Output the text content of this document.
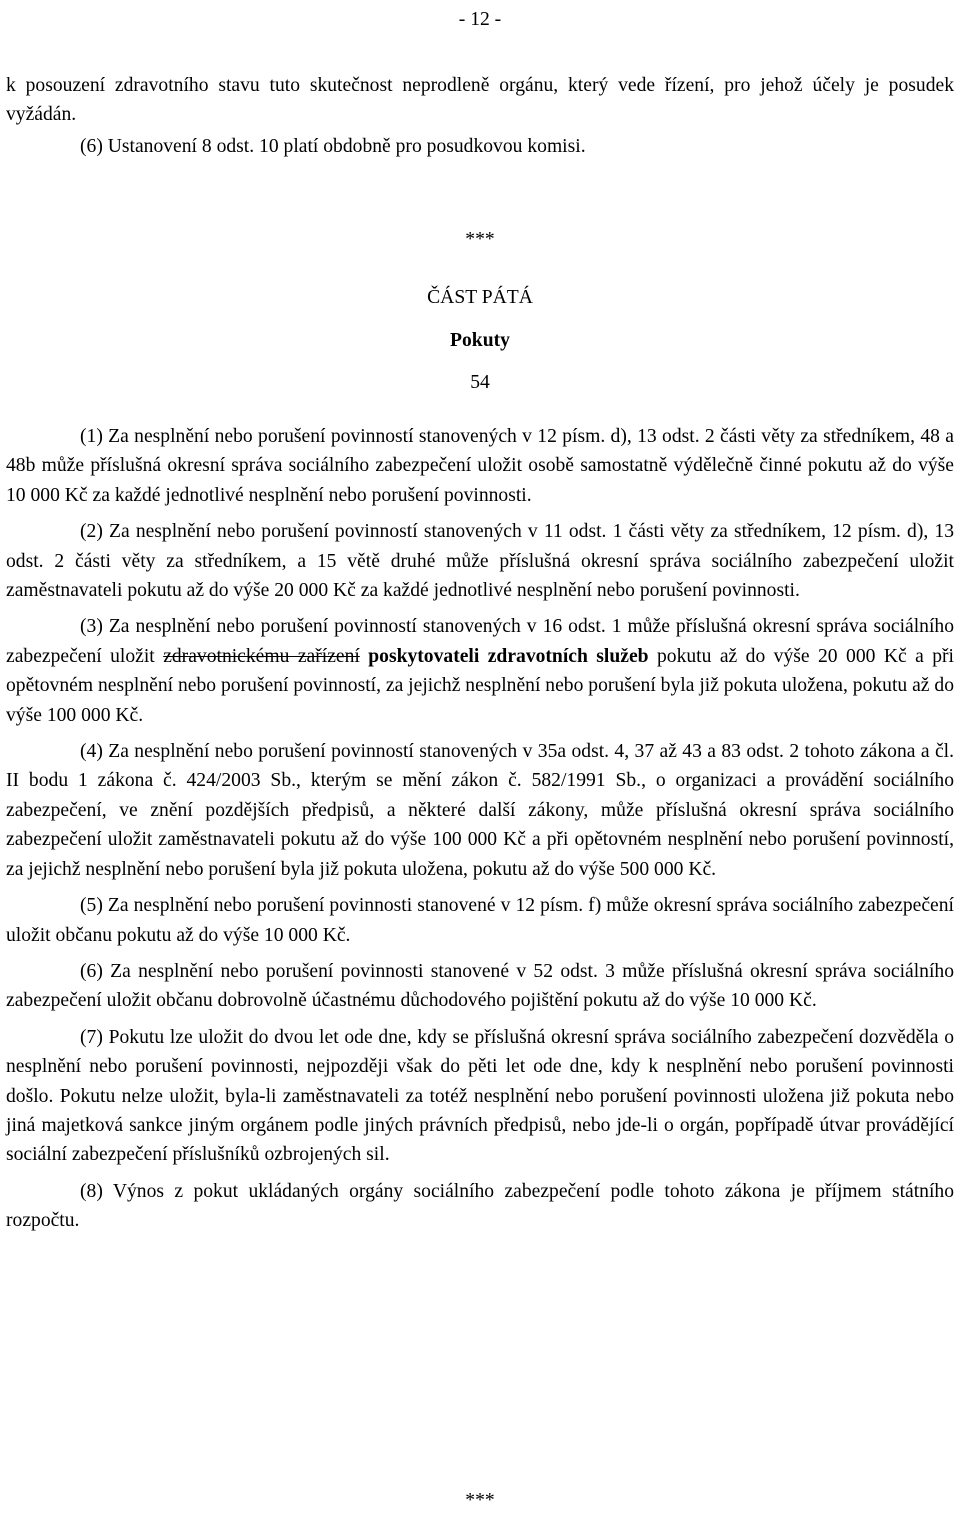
- 12 -

k posouzení zdravotního stavu tuto skutečnost neprodleně orgánu, který vede řízení, pro jehož účely je posudek vyžádán.

(6) Ustanovení 8 odst. 10 platí obdobně pro posudkovou komisi.

***

ČÁST PÁTÁ

Pokuty

54

(1) Za nesplnění nebo porušení povinností stanovených v 12 písm. d), 13 odst. 2 části věty za středníkem, 48 a 48b může příslušná okresní správa sociálního zabezpečení uložit osobě samostatně výdělečně činné pokutu až do výše 10 000 Kč za každé jednotlivé nesplnění nebo porušení povinnosti.

(2) Za nesplnění nebo porušení povinností stanovených v 11 odst. 1 části věty za středníkem, 12 písm. d), 13 odst. 2 části věty za středníkem, a 15 větě druhé může příslušná okresní správa sociálního zabezpečení uložit zaměstnavateli pokutu až do výše 20 000 Kč za každé jednotlivé nesplnění nebo porušení povinnosti.

(3) Za nesplnění nebo porušení povinností stanovených v 16 odst. 1 může příslušná okresní správa sociálního zabezpečení uložit zdravotnickému zařízení poskytovateli zdravotních služeb pokutu až do výše 20 000 Kč a při opětovném nesplnění nebo porušení povinností, za jejichž nesplnění nebo porušení byla již pokuta uložena, pokutu až do výše 100 000 Kč.

(4) Za nesplnění nebo porušení povinností stanovených v 35a odst. 4, 37 až 43 a 83 odst. 2 tohoto zákona a čl. II bodu 1 zákona č. 424/2003 Sb., kterým se mění zákon č. 582/1991 Sb., o organizaci a provádění sociálního zabezpečení, ve znění pozdějších předpisů, a některé další zákony, může příslušná okresní správa sociálního zabezpečení uložit zaměstnavateli pokutu až do výše 100 000 Kč a při opětovném nesplnění nebo porušení povinností, za jejichž nesplnění nebo porušení byla již pokuta uložena, pokutu až do výše 500 000 Kč.

(5) Za nesplnění nebo porušení povinnosti stanovené v 12 písm. f) může okresní správa sociálního zabezpečení uložit občanu pokutu až do výše 10 000 Kč.

(6) Za nesplnění nebo porušení povinnosti stanovené v 52 odst. 3 může příslušná okresní správa sociálního zabezpečení uložit občanu dobrovolně účastnému důchodového pojištění pokutu až do výše 10 000 Kč.

(7) Pokutu lze uložit do dvou let ode dne, kdy se příslušná okresní správa sociálního zabezpečení dozvěděla o nesplnění nebo porušení povinnosti, nejpozději však do pěti let ode dne, kdy k nesplnění nebo porušení povinnosti došlo. Pokutu nelze uložit, byla-li zaměstnavateli za totéž nesplnění nebo porušení povinnosti uložena již pokuta nebo jiná majetková sankce jiným orgánem podle jiných právních předpisů, nebo jde-li o orgán, popřípadě útvar provádějící sociální zabezpečení příslušníků ozbrojených sil.

(8) Výnos z pokut ukládaných orgány sociálního zabezpečení podle tohoto zákona je příjmem státního rozpočtu.

***
